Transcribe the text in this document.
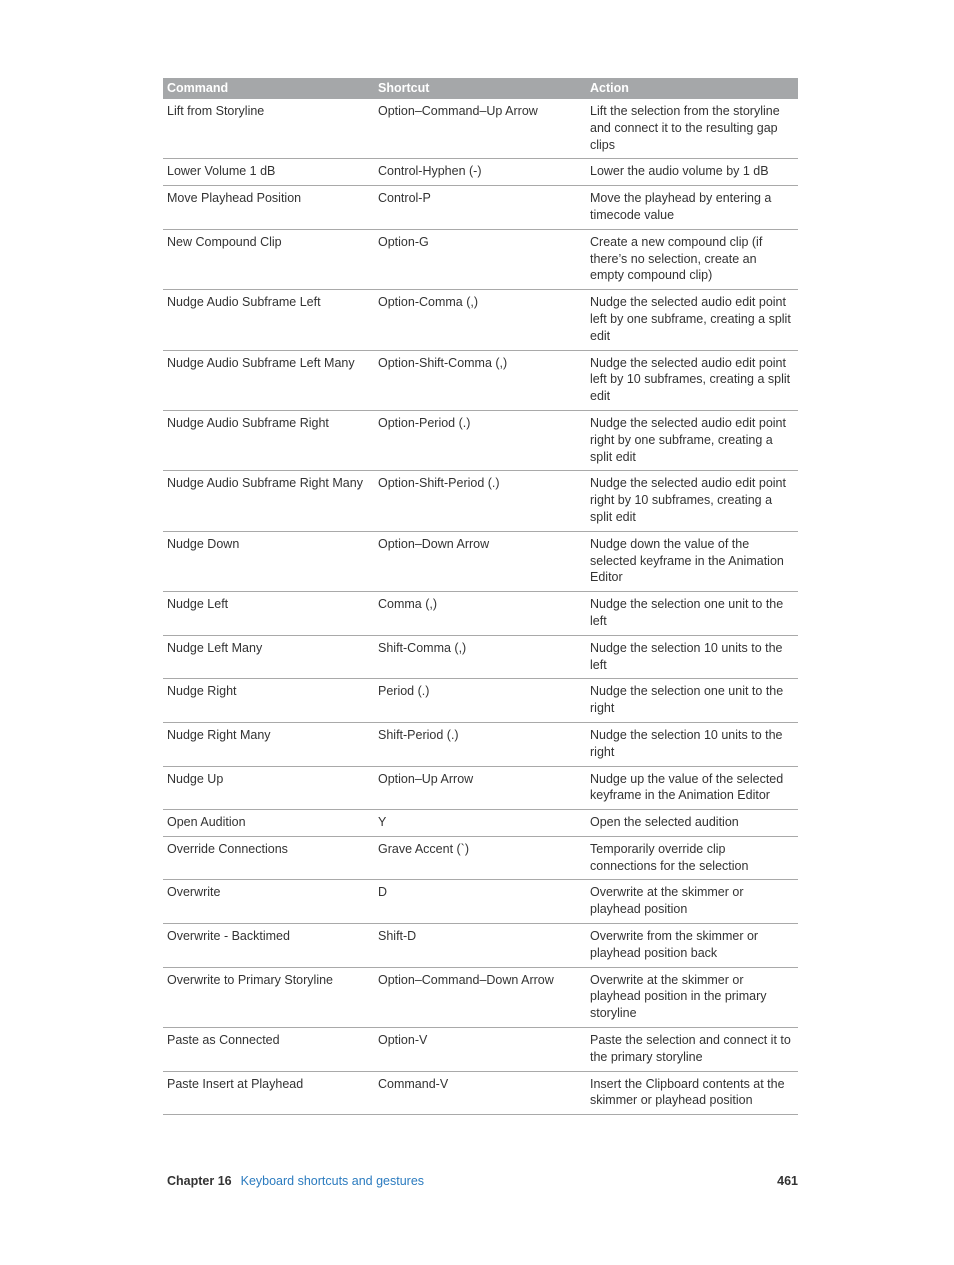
Command	Shortcut	Action
Lift from Storyline	Option–Command–Up Arrow	Lift the selection from the storyline and connect it to the resulting gap clips
Lower Volume 1 dB	Control-Hyphen (-)	Lower the audio volume by 1 dB
Move Playhead Position	Control-P	Move the playhead by entering a timecode value
New Compound Clip	Option-G	Create a new compound clip (if there’s no selection, create an empty compound clip)
Nudge Audio Subframe Left	Option-Comma (,)	Nudge the selected audio edit point left by one subframe, creating a split edit
Nudge Audio Subframe Left Many	Option-Shift-Comma (,)	Nudge the selected audio edit point left by 10 subframes, creating a split edit
Nudge Audio Subframe Right	Option-Period (.)	Nudge the selected audio edit point right by one subframe, creating a split edit
Nudge Audio Subframe Right Many	Option-Shift-Period (.)	Nudge the selected audio edit point right by 10 subframes, creating a split edit
Nudge Down	Option–Down Arrow	Nudge down the value of the selected keyframe in the Animation Editor
Nudge Left	Comma (,)	Nudge the selection one unit to the left
Nudge Left Many	Shift-Comma (,)	Nudge the selection 10 units to the left
Nudge Right	Period (.)	Nudge the selection one unit to the right
Nudge Right Many	Shift-Period (.)	Nudge the selection 10 units to the right
Nudge Up	Option–Up Arrow	Nudge up the value of the selected keyframe in the Animation Editor
Open Audition	Y	Open the selected audition
Override Connections	Grave Accent (`)	Temporarily override clip connections for the selection
Overwrite	D	Overwrite at the skimmer or playhead position
Overwrite - Backtimed	Shift-D	Overwrite from the skimmer or playhead position back
Overwrite to Primary Storyline	Option–Command–Down Arrow	Overwrite at the skimmer or playhead position in the primary storyline
Paste as Connected	Option-V	Paste the selection and connect it to the primary storyline
Paste Insert at Playhead	Command-V	Insert the Clipboard contents at the skimmer or playhead position
Chapter 16 Keyboard shortcuts and gestures	461
